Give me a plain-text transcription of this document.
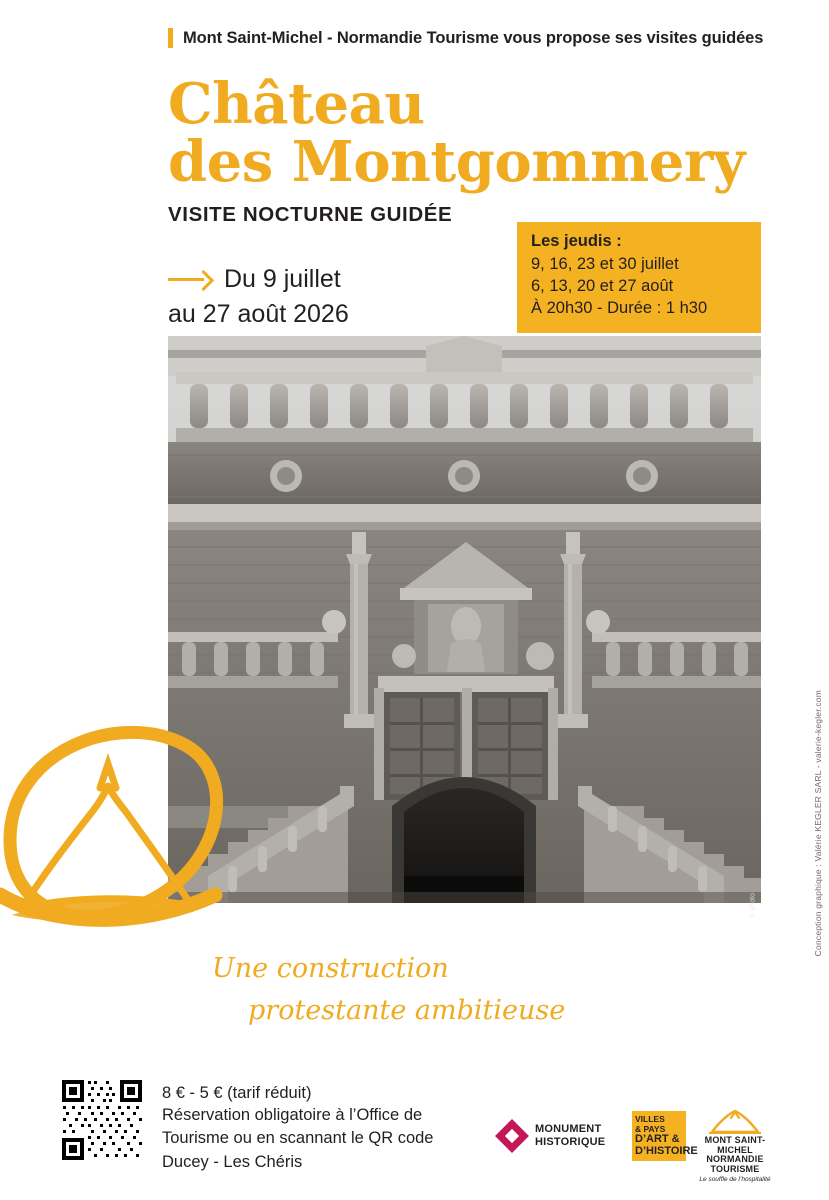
Mont Saint-Michel - Normandie Tourisme vous propose ses visites guidées
Château
des Montgommery
VISITE NOCTURNE GUIDÉE
Du 9 juillet
au 27 août 2026
Les jeudis :
9, 16, 23 et 30 juillet
6, 13, 20 et 27 août
À 20h30 - Durée : 1 h30
© photo	Conception graphique : Valérie KEGLER SARL - valerie-kegler.com
Une construction
protestante ambitieuse
8 € - 5 € (tarif réduit)
Réservation obligatoire à l’Office de
Tourisme ou en scannant le QR code
Ducey - Les Chéris
MONUMENT
HISTORIQUE
VILLES
& PAYS
D’ART &
D’HISTOIRE
MONT SAINT-MICHEL
NORMANDIE TOURISME
Le souffle de l’hospitalité
